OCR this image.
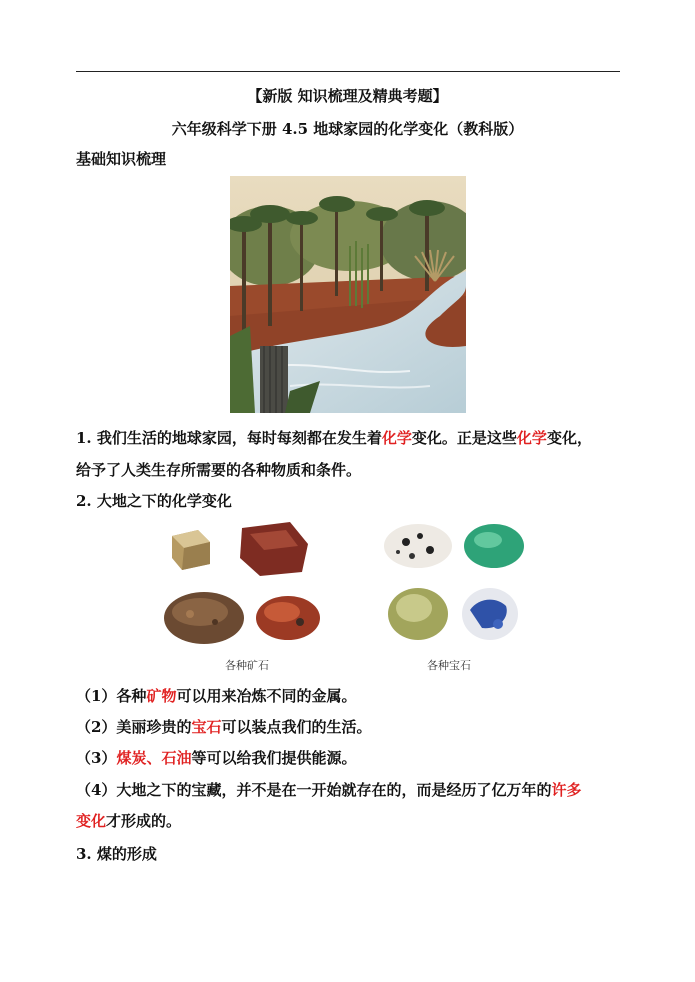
【新版 知识梳理及精典考题】
六年级科学下册 4.5 地球家园的化学变化（教科版）
基础知识梳理
1. 我们生活的地球家园，每时每刻都在发生着化学变化。正是这些化学变化，
给予了人类生存所需要的各种物质和条件。
2. 大地之下的化学变化
各种矿石	各种宝石
（1）各种矿物可以用来冶炼不同的金属。
（2）美丽珍贵的宝石可以装点我们的生活。
（3）煤炭、石油等可以给我们提供能源。
（4）大地之下的宝藏，并不是在一开始就存在的，而是经历了亿万年的许多
变化才形成的。
3. 煤的形成
